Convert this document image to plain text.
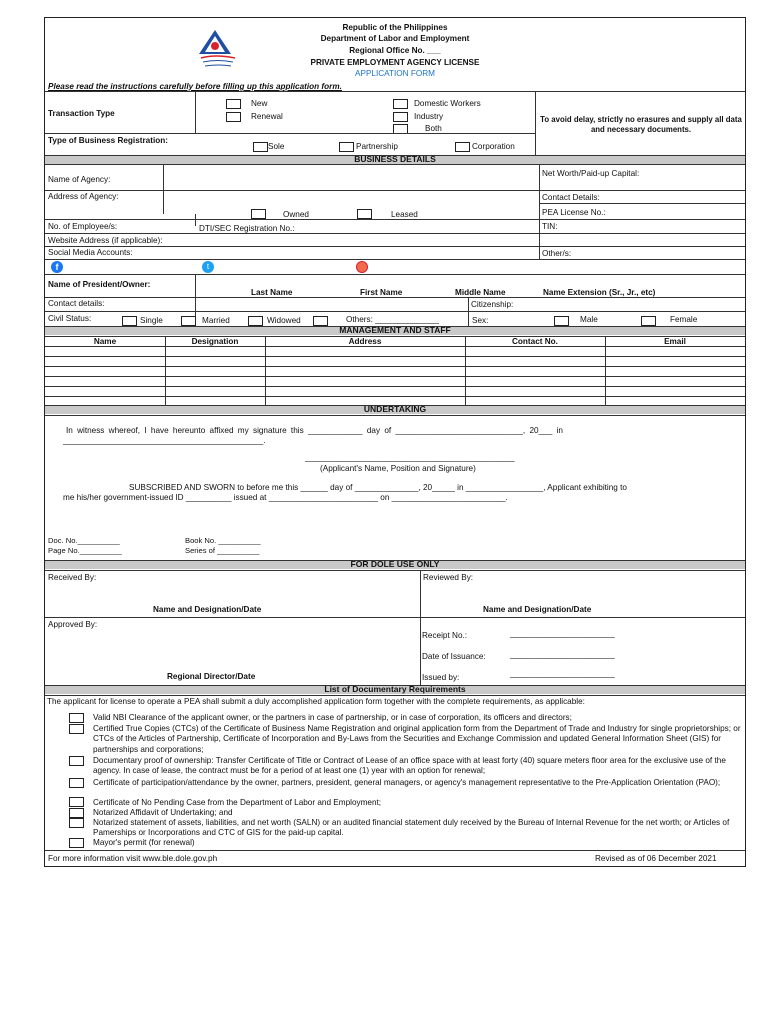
Republic of the Philippines
Department of Labor and Employment
Regional Office No. ___
PRIVATE EMPLOYMENT AGENCY LICENSE
APPLICATION FORM
Please read the instructions carefully before filling up this application form.
Transaction Type
New
Renewal
Domestic Workers
Industry
Both
To avoid delay, strictly no erasures and supply all data and necessary documents.
Type of Business Registration:
Sole	Partnership	Corporation
BUSINESS DETAILS
Name of Agency:
Net Worth/Paid-up Capital:
Address of Agency:	Contact Details:
Owned	Leased	PEA License No.:
No. of Employee/s:	DTI/SEC Registration No.:	TIN:
Website Address (if applicable):
Social Media Accounts:	Other/s:
f	t
Name of President/Owner:
Last Name	First Name	Middle Name	Name Extension (Sr., Jr., etc)
Contact details:	Citizenship:
Civil Status:	Single	Married	Widowed	Others: ______________	Sex:	Male	Female
MANAGEMENT AND STAFF
Name	Designation	Address	Contact No.	Email
UNDERTAKING
In witness whereof, I have hereunto affixed my signature this ____________ day of ____________________________, 20___ in
____________________________________________.
______________________________________________
(Applicant's Name, Position and Signature)
SUBSCRIBED AND SWORN to before me this ______ day of ______________, 20_____ in _________________, Applicant exhibiting to
me his/her government-issued ID __________ issued at ________________________ on _________________________.
Doc. No.__________
Page No.__________
Book No. __________
Series of __________
FOR DOLE USE ONLY
Received By:	Reviewed By:
Name and Designation/Date	Name and Designation/Date
Approved By:
Receipt No.:	_______________________
Date of Issuance:	_______________________
Regional Director/Date	Issued by:	_______________________
List of Documentary Requirements
The applicant for license to operate a PEA shall submit a duly accomplished application form together with the complete requirements, as applicable:
Valid NBI Clearance of the applicant owner, or the partners in case of partnership, or in case of corporation, its officers and directors;
Certified True Copies (CTCs) of the Certificate of Business Name Registration and original application form from the Department of Trade and Industry for single proprietorships; or CTCs of the Articles of Partnership, Certificate of Incorporation and By-Laws from the Securities and Exchange Commission and updated General Information Sheet (GIS) for partnerships and corporations;
Documentary proof of ownership: Transfer Certificate of Title or Contract of Lease of an office space with at least forty (40) square meters floor area for the exclusive use of the agency. In case of lease, the contract must be for a period of at least one (1) year with an option for renewal;
Certificate of participation/attendance by the owner, partners, president, general managers, or agency's management representative to the Pre-Application Orientation (PAO);
Certificate of No Pending Case from the Department of Labor and Employment;
Notarized Affidavit of Undertaking; and
Notarized statement of assets, liabilities, and net worth (SALN) or an audited financial statement duly received by the Bureau of Internal Revenue for the net worth; or Articles of Pamerships or Incorporations and CTC of GIS for the paid-up capital.
Mayor's permit (for renewal)
For more information visit www.ble.dole.gov.ph	Revised as of 06 December 2021
